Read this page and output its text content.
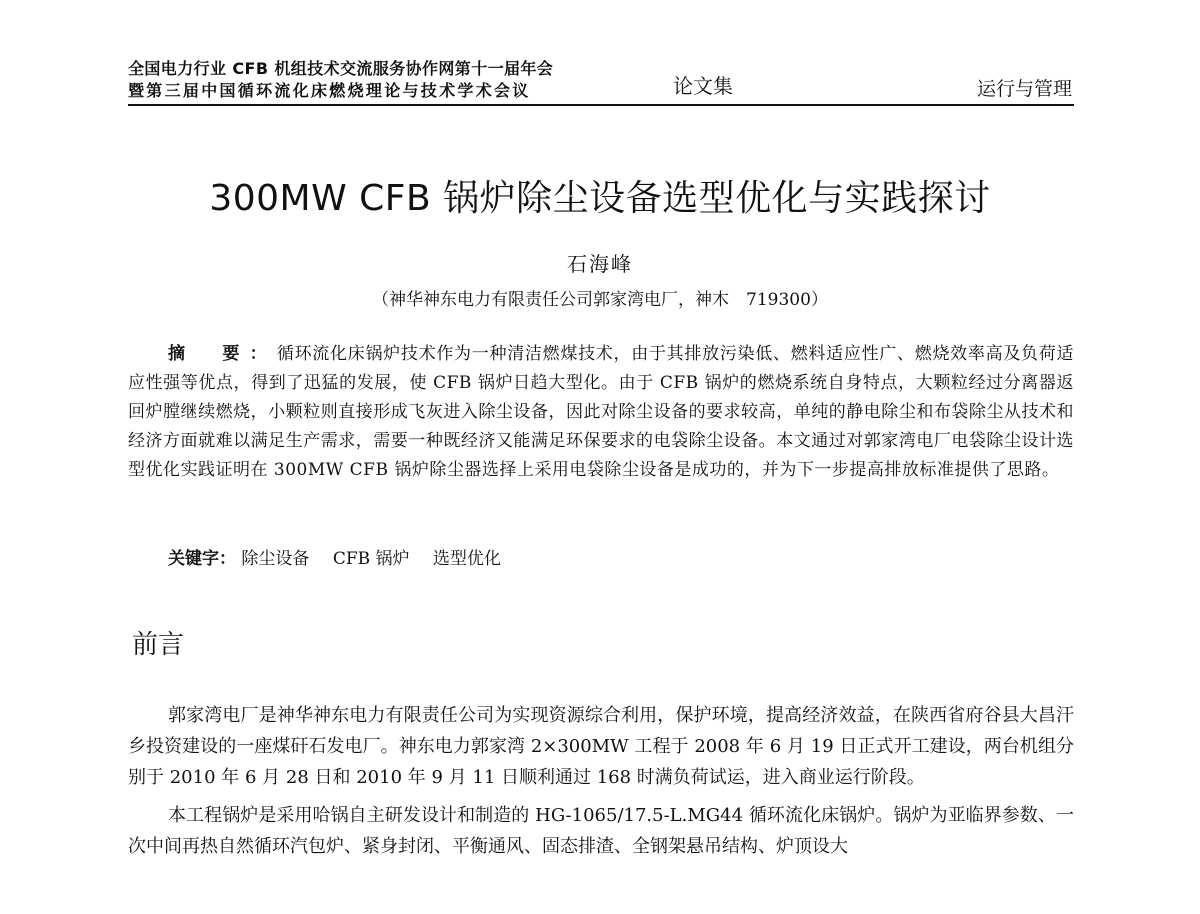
全国电力行业 CFB 机组技术交流服务协作网第十一届年会
暨第三届中国循环流化床燃烧理论与技术学术会议	论文集	运行与管理
300MW CFB 锅炉除尘设备选型优化与实践探讨
石海峰
（神华神东电力有限责任公司郭家湾电厂，神木　719300）
摘　要：循环流化床锅炉技术作为一种清洁燃煤技术，由于其排放污染低、燃料适应性广、燃烧效率高及负荷适应性强等优点，得到了迅猛的发展，使 CFB 锅炉日趋大型化。由于 CFB 锅炉的燃烧系统自身特点，大颗粒经过分离器返回炉膛继续燃烧，小颗粒则直接形成飞灰进入除尘设备，因此对除尘设备的要求较高，单纯的静电除尘和布袋除尘从技术和经济方面就难以满足生产需求，需要一种既经济又能满足环保要求的电袋除尘设备。本文通过对郭家湾电厂电袋除尘设计选型优化实践证明在 300MW CFB 锅炉除尘器选择上采用电袋除尘设备是成功的，并为下一步提高排放标准提供了思路。
关键字： 除尘设备 CFB 锅炉 选型优化
前言

郭家湾电厂是神华神东电力有限责任公司为实现资源综合利用，保护环境，提高经济效益，在陕西省府谷县大昌汗乡投资建设的一座煤矸石发电厂。神东电力郭家湾 2×300MW 工程于 2008 年 6 月 19 日正式开工建设，两台机组分别于 2010 年 6 月 28 日和 2010 年 9 月 11 日顺利通过 168 时满负荷试运，进入商业运行阶段。

本工程锅炉是采用哈锅自主研发设计和制造的 HG-1065/17.5-L.MG44 循环流化床锅炉。锅炉为亚临界参数、一次中间再热自然循环汽包炉、紧身封闭、平衡通风、固态排渣、全钢架悬吊结构、炉顶设大
